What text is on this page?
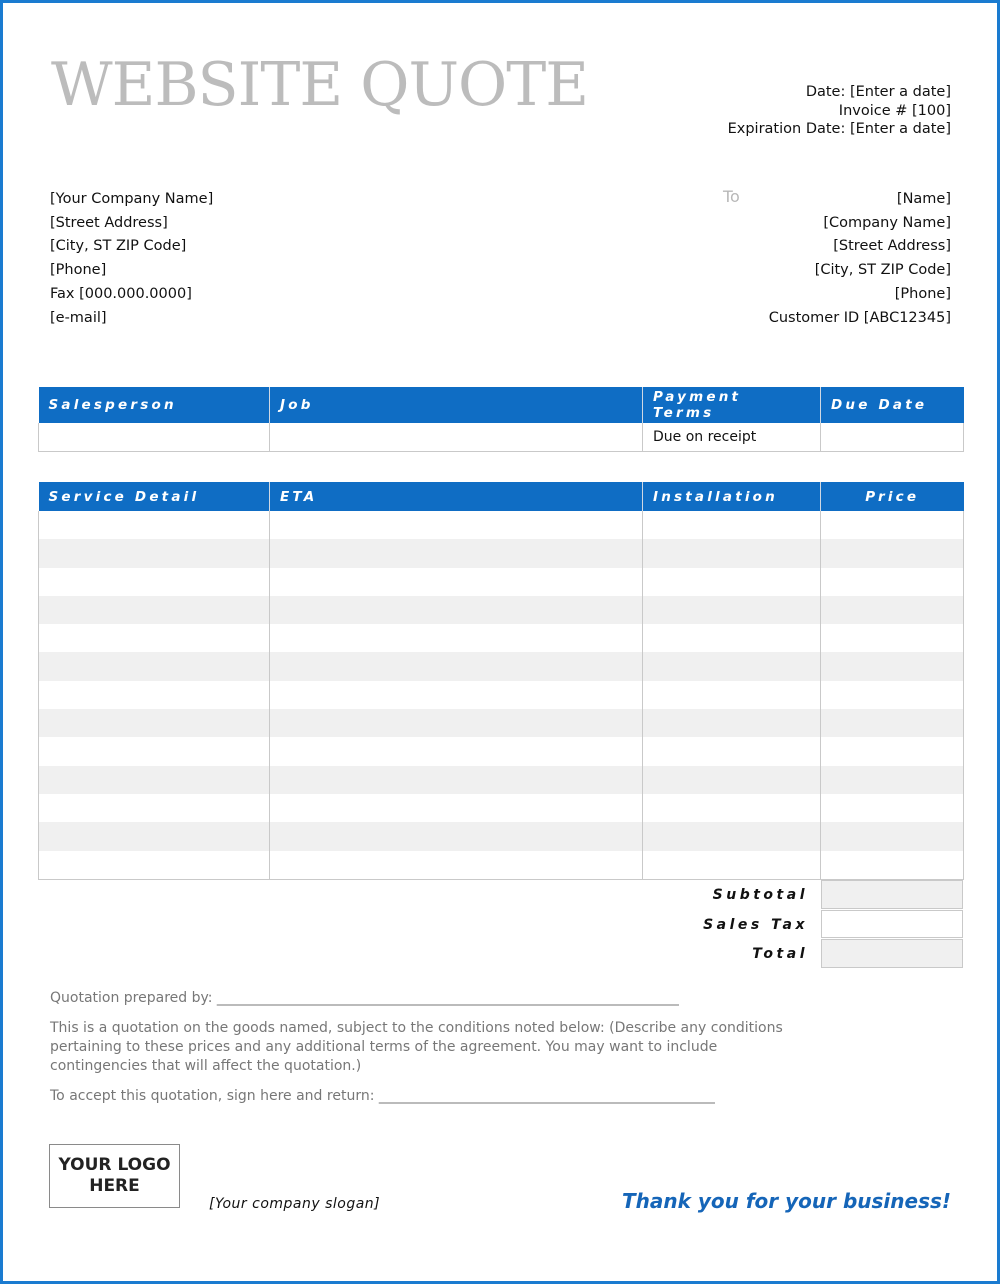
WEBSITE QUOTE	Date: [Enter a date]
Invoice # [100]
Expiration Date: [Enter a date]
[Your Company Name]
[Street Address]
[City, ST ZIP Code]
[Phone]
Fax [000.000.0000]
[e-mail]
To	[Name]
[Company Name]
[Street Address]
[City, ST ZIP Code]
[Phone]
Customer ID [ABC12345]
Salesperson	Job	Payment Terms	Due Date
		Due on receipt	
Service Detail	ETA	Installation	Price

Subtotal
Sales Tax
Total
Quotation prepared by: __________________________________________________________________
This is a quotation on the goods named, subject to the conditions noted below: (Describe any conditions pertaining to these prices and any additional terms of the agreement. You may want to include contingencies that will affect the quotation.)
To accept this quotation, sign here and return: ________________________________________________
YOUR LOGO
HERE
[Your company slogan]	Thank you for your business!
